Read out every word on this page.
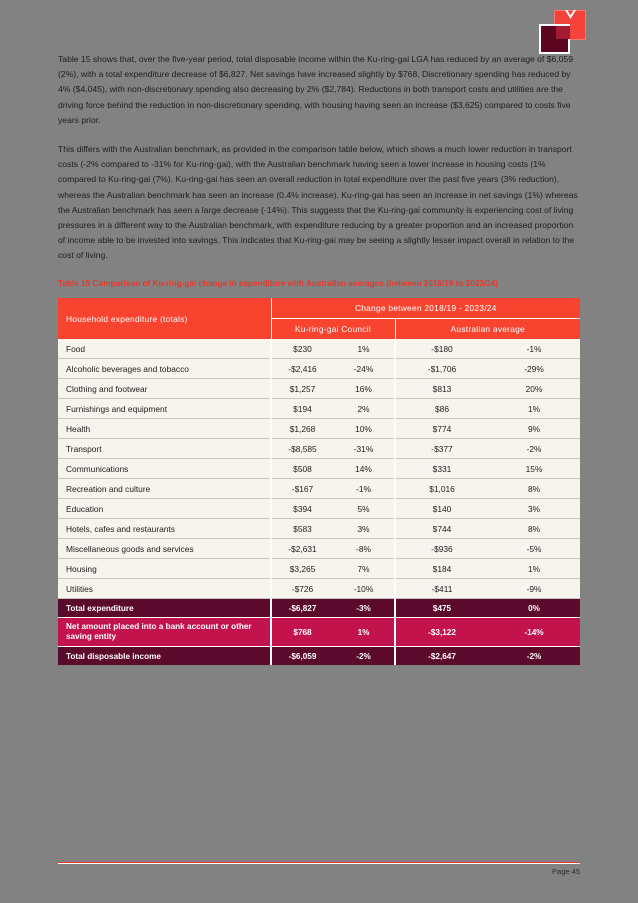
Table 15 shows that, over the five-year period, total disposable income within the Ku-ring-gai LGA has reduced by an average of $6,059 (2%), with a total expenditure decrease of $6,827. Net savings have increased slightly by $768. Discretionary spending has reduced by 4% ($4,045), with non-discretionary spending also decreasing by 2% ($2,784). Reductions in both transport costs and utilities are the driving force behind the reduction in non-discretionary spending, with housing having seen an increase ($3,625) compared to costs five years prior.

This differs with the Australian benchmark, as provided in the comparison table below, which shows a much lower reduction in transport costs (-2% compared to -31% for Ku-ring-gai), with the Australian benchmark having seen a lower increase in housing costs (1% compared to Ku-ring-gai (7%). Ku-ring-gai has seen an overall reduction in total expenditure over the past five years (3% reduction), whereas the Australian benchmark has seen an increase (0.4% increase). Ku-ring-gai has seen an increase in net savings (1%) whereas the Australian benchmark has seen a large decrease (-14%). This suggests that the Ku-ring-gai community is experiencing cost of living pressures in a different way to the Australian benchmark, with expenditure reducing by a greater proportion and an increased proportion of income able to be invested into savings. This indicates that Ku-ring-gai may be seeing a slightly lesser impact overall in relation to the cost of living.

Table 15 Comparison of Ku-ring-gai change in expenditure with Australian averages (between 2018/19 to 2023/24)
Household expenditure (totals)	Change between 2018/19 - 2023/24			
	Ku-ring-gai Council		Australian average	
Food	$230	1%	-$180	-1%
Alcoholic beverages and tobacco	-$2,416	-24%	-$1,706	-29%
Clothing and footwear	$1,257	16%	$813	20%
Furnishings and equipment	$194	2%	$86	1%
Health	$1,268	10%	$774	9%
Transport	-$8,585	-31%	-$377	-2%
Communications	$508	14%	$331	15%
Recreation and culture	-$167	-1%	$1,016	8%
Education	$394	5%	$140	3%
Hotels, cafes and restaurants	$583	3%	$744	8%
Miscellaneous goods and services	-$2,631	-8%	-$936	-5%
Housing	$3,265	7%	$184	1%
Utilities	-$726	-10%	-$411	-9%
Total expenditure	-$6,827	-3%	$475	0%
Net amount placed into a bank account or other saving entity	$768	1%	-$3,122	-14%
Total disposable income	-$6,059	-2%	-$2,647	-2%
Page 45
